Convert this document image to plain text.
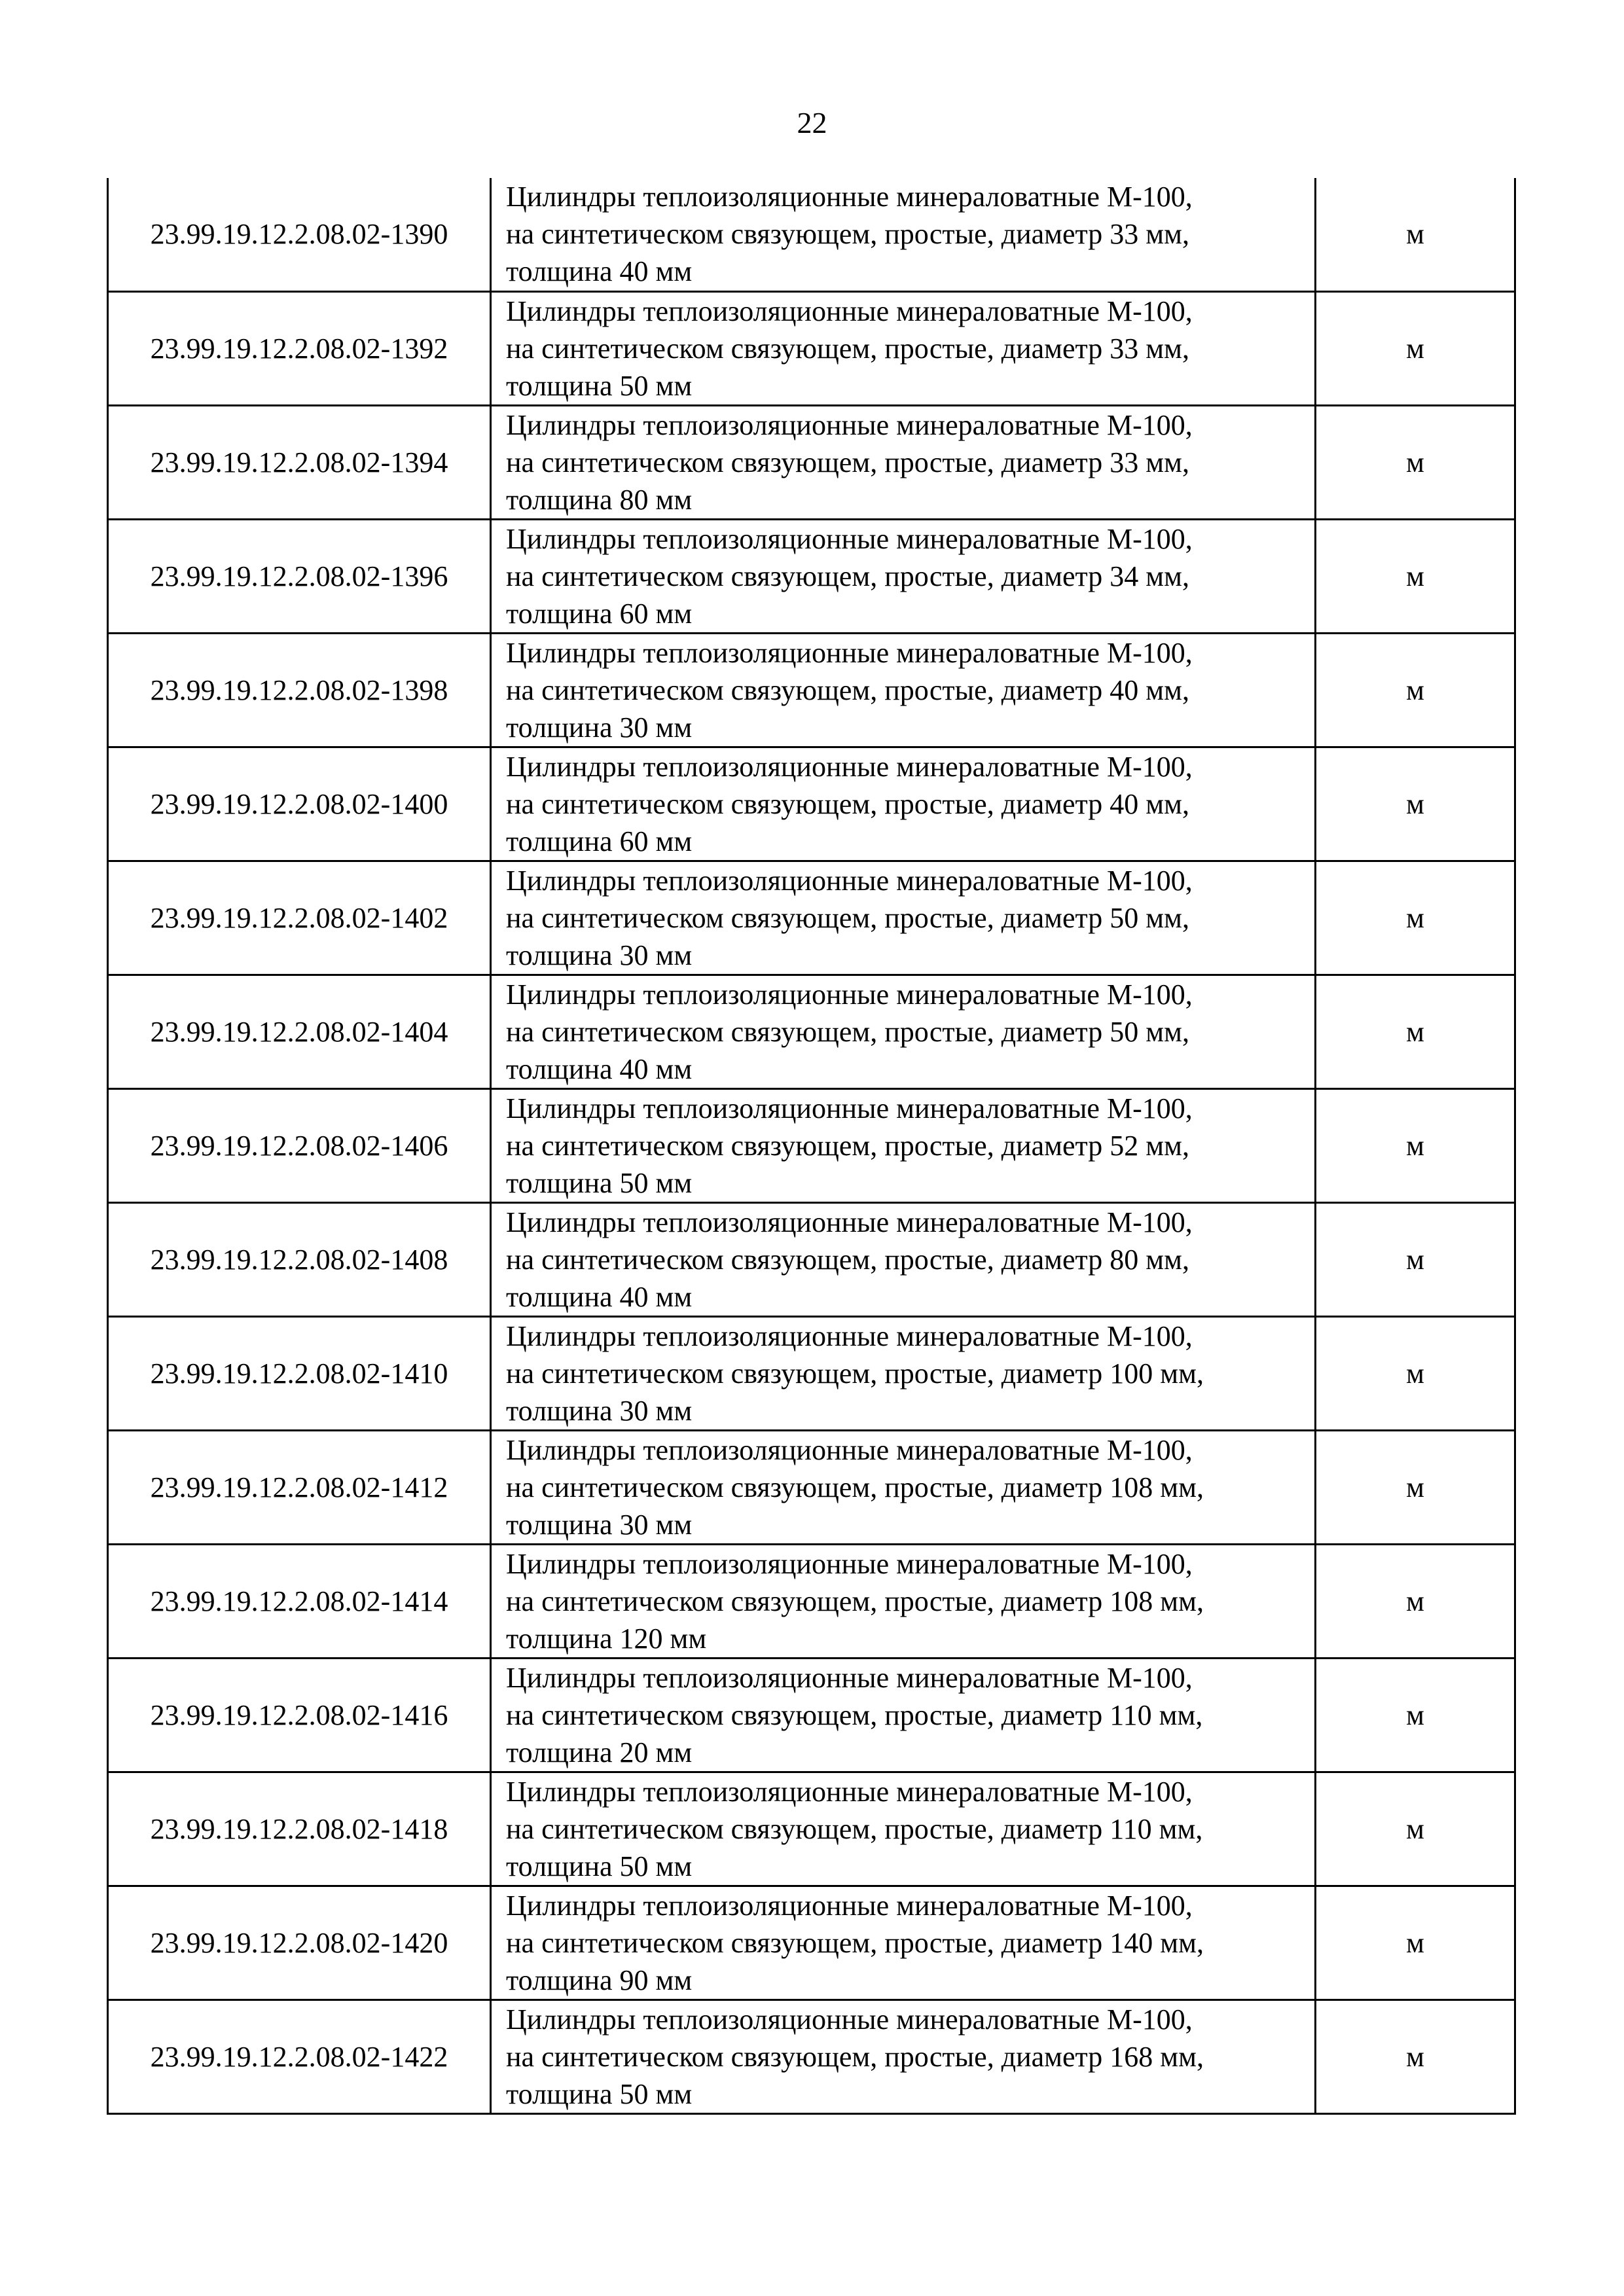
22
23.99.19.12.2.08.02-1390	Цилиндры теплоизоляционные минераловатные М-100,
на синтетическом связующем, простые, диаметр 33 мм,
толщина 40 мм	м
23.99.19.12.2.08.02-1392	Цилиндры теплоизоляционные минераловатные М-100,
на синтетическом связующем, простые, диаметр 33 мм,
толщина 50 мм	м
23.99.19.12.2.08.02-1394	Цилиндры теплоизоляционные минераловатные М-100,
на синтетическом связующем, простые, диаметр 33 мм,
толщина 80 мм	м
23.99.19.12.2.08.02-1396	Цилиндры теплоизоляционные минераловатные М-100,
на синтетическом связующем, простые, диаметр 34 мм,
толщина 60 мм	м
23.99.19.12.2.08.02-1398	Цилиндры теплоизоляционные минераловатные М-100,
на синтетическом связующем, простые, диаметр 40 мм,
толщина 30 мм	м
23.99.19.12.2.08.02-1400	Цилиндры теплоизоляционные минераловатные М-100,
на синтетическом связующем, простые, диаметр 40 мм,
толщина 60 мм	м
23.99.19.12.2.08.02-1402	Цилиндры теплоизоляционные минераловатные М-100,
на синтетическом связующем, простые, диаметр 50 мм,
толщина 30 мм	м
23.99.19.12.2.08.02-1404	Цилиндры теплоизоляционные минераловатные М-100,
на синтетическом связующем, простые, диаметр 50 мм,
толщина 40 мм	м
23.99.19.12.2.08.02-1406	Цилиндры теплоизоляционные минераловатные М-100,
на синтетическом связующем, простые, диаметр 52 мм,
толщина 50 мм	м
23.99.19.12.2.08.02-1408	Цилиндры теплоизоляционные минераловатные М-100,
на синтетическом связующем, простые, диаметр 80 мм,
толщина 40 мм	м
23.99.19.12.2.08.02-1410	Цилиндры теплоизоляционные минераловатные М-100,
на синтетическом связующем, простые, диаметр 100 мм,
толщина 30 мм	м
23.99.19.12.2.08.02-1412	Цилиндры теплоизоляционные минераловатные М-100,
на синтетическом связующем, простые, диаметр 108 мм,
толщина 30 мм	м
23.99.19.12.2.08.02-1414	Цилиндры теплоизоляционные минераловатные М-100,
на синтетическом связующем, простые, диаметр 108 мм,
толщина 120 мм	м
23.99.19.12.2.08.02-1416	Цилиндры теплоизоляционные минераловатные М-100,
на синтетическом связующем, простые, диаметр 110 мм,
толщина 20 мм	м
23.99.19.12.2.08.02-1418	Цилиндры теплоизоляционные минераловатные М-100,
на синтетическом связующем, простые, диаметр 110 мм,
толщина 50 мм	м
23.99.19.12.2.08.02-1420	Цилиндры теплоизоляционные минераловатные М-100,
на синтетическом связующем, простые, диаметр 140 мм,
толщина 90 мм	м
23.99.19.12.2.08.02-1422	Цилиндры теплоизоляционные минераловатные М-100,
на синтетическом связующем, простые, диаметр 168 мм,
толщина 50 мм	м
